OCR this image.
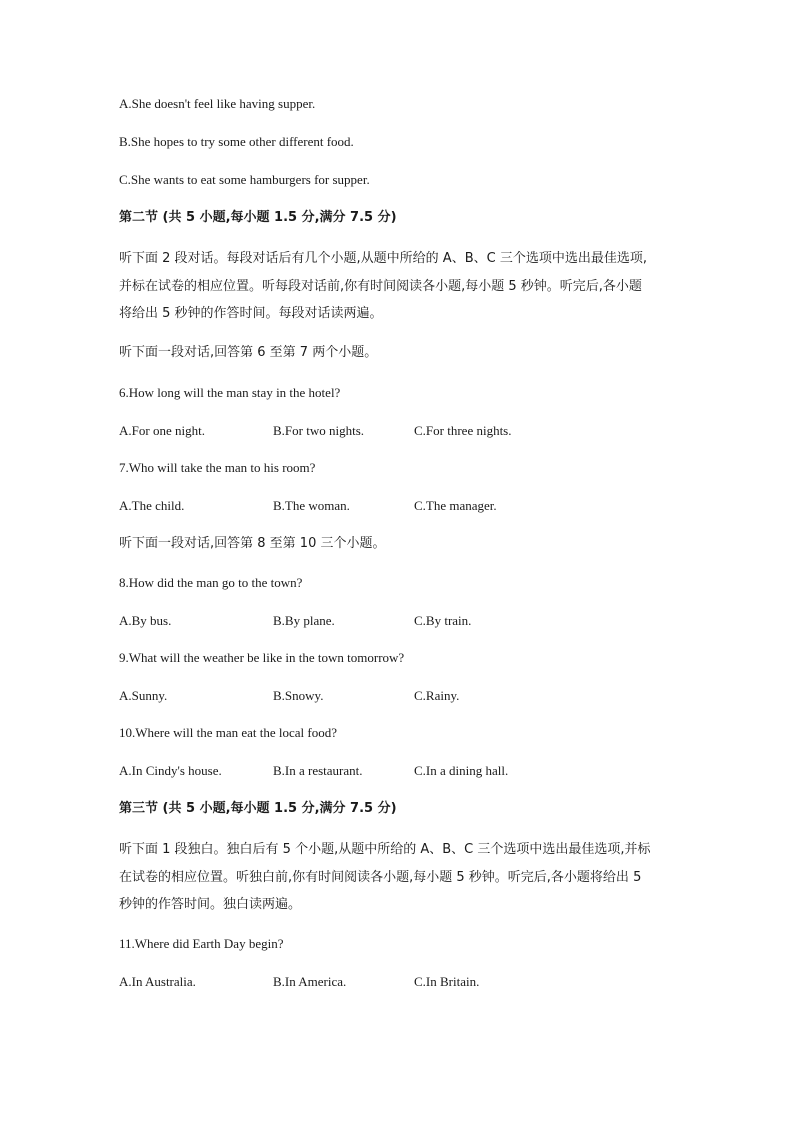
A.She doesn't feel like having supper.
B.She hopes to try some other different food.
C.She wants to eat some hamburgers for supper.
第二节 (共 5 小题,每小题 1.5 分,满分 7.5 分)
听下面 2 段对话。每段对话后有几个小题,从题中所给的 A、B、C 三个选项中选出最佳选项,
并标在试卷的相应位置。听每段对话前,你有时间阅读各小题,每小题 5 秒钟。听完后,各小题
将给出 5 秒钟的作答时间。每段对话读两遍。
听下面一段对话,回答第 6 至第 7 两个小题。
6.How long will the man stay in the hotel?
A.For one night.	B.For two nights.	C.For three nights.
7.Who will take the man to his room?
A.The child.	B.The woman.	C.The manager.
听下面一段对话,回答第 8 至第 10 三个小题。
8.How did the man go to the town?
A.By bus.	B.By plane.	C.By train.
9.What will the weather be like in the town tomorrow?
A.Sunny.	B.Snowy.	C.Rainy.
10.Where will the man eat the local food?
A.In Cindy's house.	B.In a restaurant.	C.In a dining hall.
第三节 (共 5 小题,每小题 1.5 分,满分 7.5 分)
听下面 1 段独白。独白后有 5 个小题,从题中所给的 A、B、C 三个选项中选出最佳选项,并标
在试卷的相应位置。听独白前,你有时间阅读各小题,每小题 5 秒钟。听完后,各小题将给出 5
秒钟的作答时间。独白读两遍。
11.Where did Earth Day begin?
A.In Australia.	B.In America.	C.In Britain.
